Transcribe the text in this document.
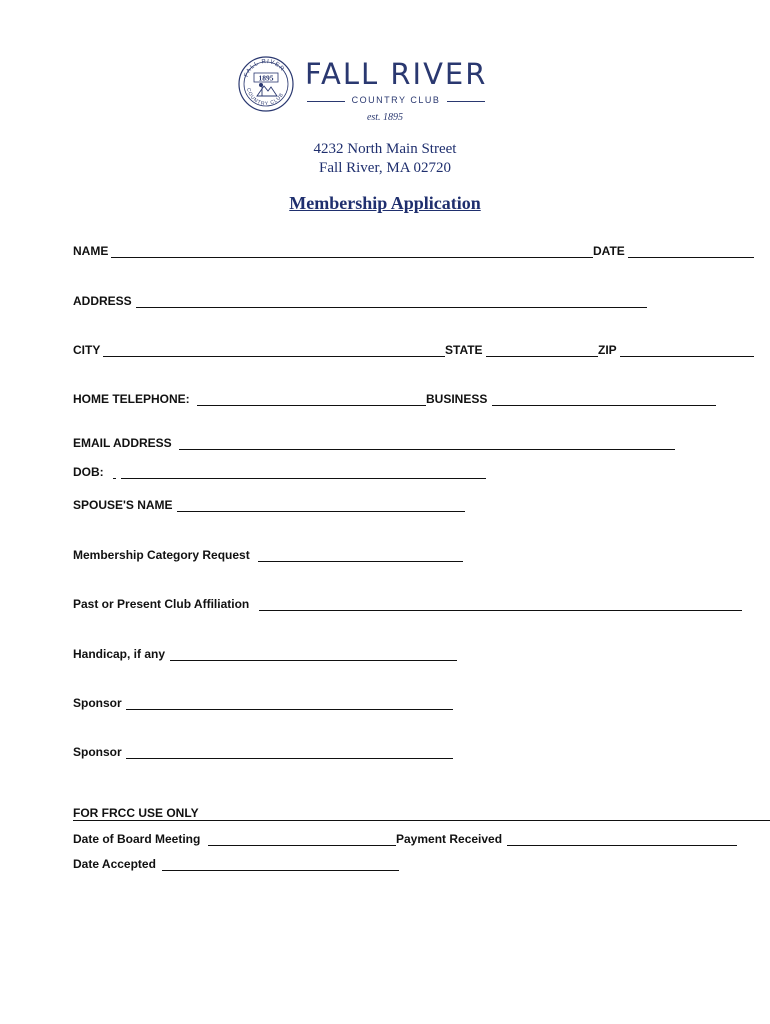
FALL RIVER
COUNTRY CLUB
1895 FALL RIVER
COUNTRY CLUB
est. 1895
4232 North Main Street
Fall River, MA 02720
Membership Application
NAME	DATE
ADDRESS
CITY	STATE	ZIP
HOME TELEPHONE:	BUSINESS
EMAIL ADDRESS
DOB:
SPOUSE'S NAME
Membership Category Request
Past or Present Club Affiliation
Handicap, if any
Sponsor
Sponsor
FOR FRCC USE ONLY
Date of Board Meeting	Payment Received
Date Accepted
